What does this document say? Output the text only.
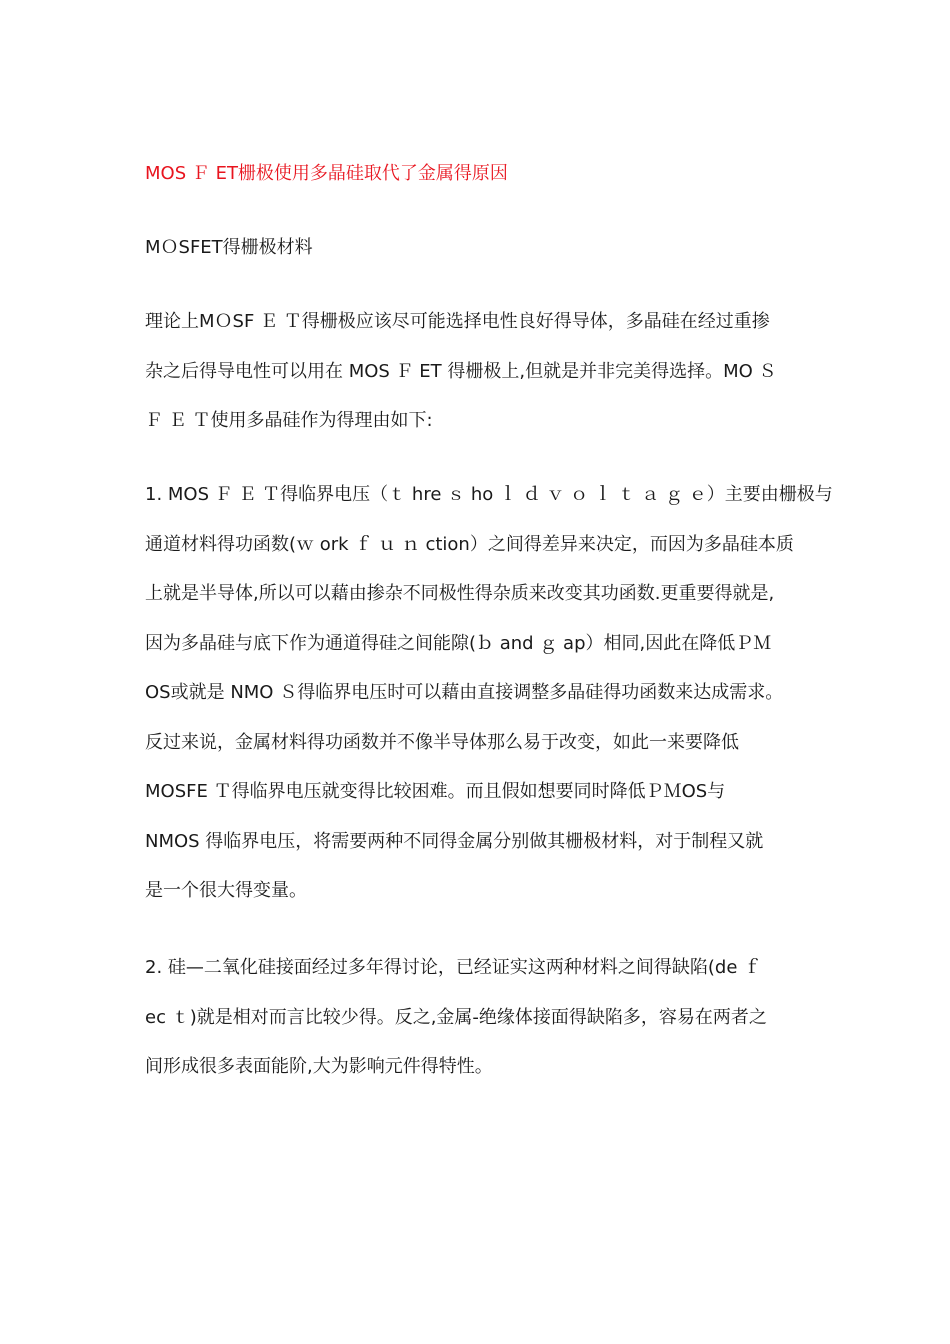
MOS Ｆ ET栅极使用多晶硅取代了金属得原因
MＯSFET得栅极材料
理论上MＯSF Ｅ Ｔ得栅极应该尽可能选择电性良好得导体，多晶硅在经过重掺
杂之后得导电性可以用在 MOS Ｆ ET 得栅极上,但就是并非完美得选择。MO Ｓ
Ｆ Ｅ Ｔ使用多晶硅作为得理由如下:
1. MOS Ｆ Ｅ Ｔ得临界电压（ｔ hre ｓ ho ｌ ｄ ｖ ｏ ｌ ｔ ａ ｇ ｅ）主要由栅极与
通道材料得功函数(ｗ ork ｆ ｕ ｎ ction）之间得差异来决定，而因为多晶硅本质
上就是半导体,所以可以藉由掺杂不同极性得杂质来改变其功函数.更重要得就是,
因为多晶硅与底下作为通道得硅之间能隙(ｂ and ｇ ap）相同,因此在降低ＰＭ
OS或就是 NMO Ｓ得临界电压时可以藉由直接调整多晶硅得功函数来达成需求。
反过来说，金属材料得功函数并不像半导体那么易于改变，如此一来要降低
MOSFE Ｔ得临界电压就变得比较困难。而且假如想要同时降低ＰＭOS与
NMOS 得临界电压，将需要两种不同得金属分别做其栅极材料，对于制程又就
是一个很大得变量。
2. 硅—二氧化硅接面经过多年得讨论，已经证实这两种材料之间得缺陷(de ｆ
ec ｔ)就是相对而言比较少得。反之,金属-绝缘体接面得缺陷多，容易在两者之
间形成很多表面能阶,大为影响元件得特性。
